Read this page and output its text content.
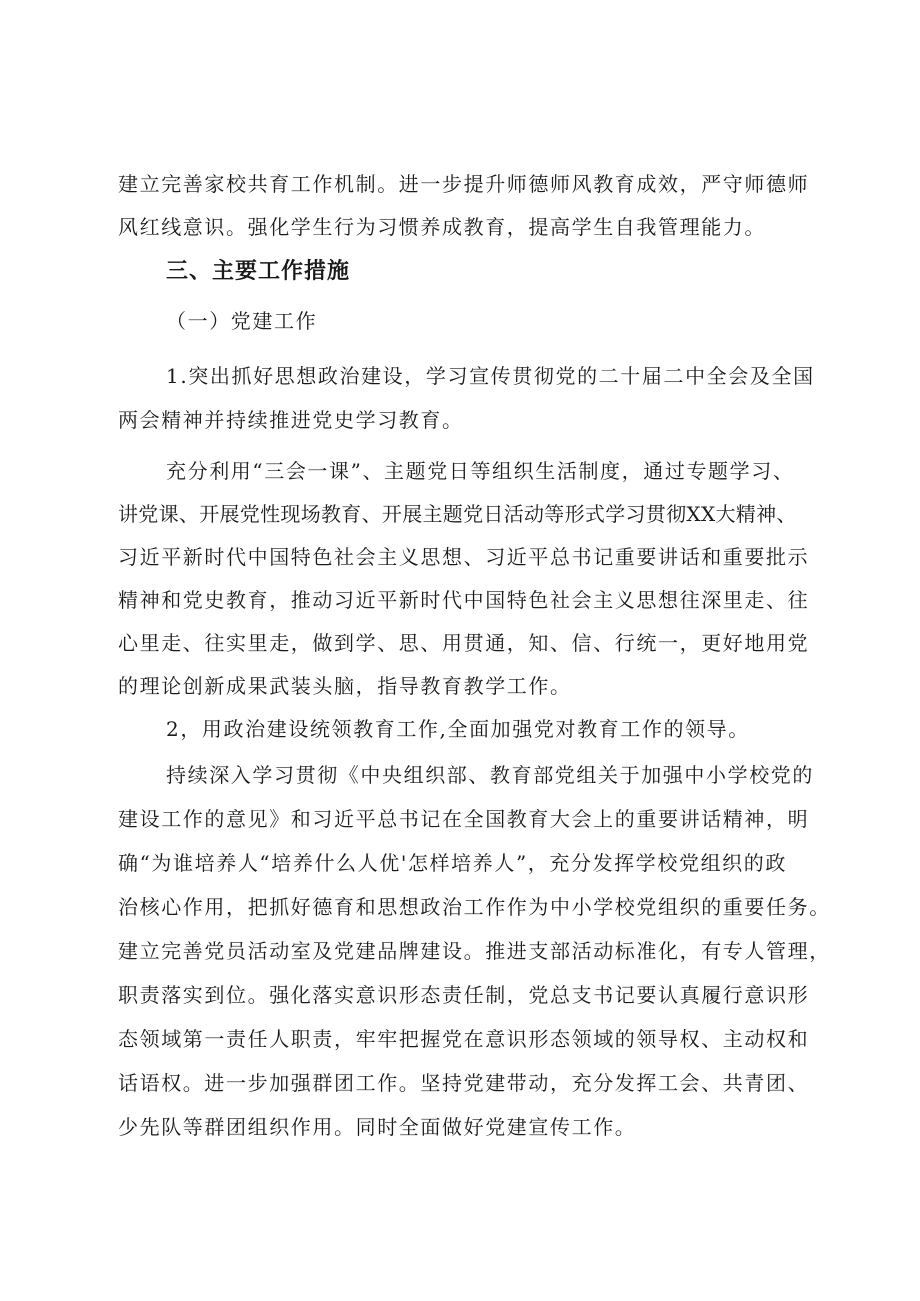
建立完善家校共育工作机制。进一步提升师德师风教育成效，严守师德师
风红线意识。强化学生行为习惯养成教育，提高学生自我管理能力。
三、主要工作措施
（一）党建工作
1.突出抓好思想政治建设，学习宣传贯彻党的二十届二中全会及全国
两会精神并持续推进党史学习教育。
充分利用“三会一课”、主题党日等组织生活制度，通过专题学习、
讲党课、开展党性现场教育、开展主题党日活动等形式学习贯彻XX大精神、
习近平新时代中国特色社会主义思想、习近平总书记重要讲话和重要批示
精神和党史教育，推动习近平新时代中国特色社会主义思想往深里走、往
心里走、往实里走，做到学、思、用贯通，知、信、行统一，更好地用党
的理论创新成果武装头脑，指导教育教学工作。
2，用政治建设统领教育工作,全面加强党对教育工作的领导。
持续深入学习贯彻《中央组织部、教育部党组关于加强中小学校党的
建设工作的意见》和习近平总书记在全国教育大会上的重要讲话精神，明
确“为谁培养人“培养什么人优'怎样培养人”，充分发挥学校党组织的政
治核心作用，把抓好德育和思想政治工作作为中小学校党组织的重要任务。
建立完善党员活动室及党建品牌建设。推进支部活动标准化，有专人管理，
职责落实到位。强化落实意识形态责任制，党总支书记要认真履行意识形
态领域第一责任人职责，牢牢把握党在意识形态领域的领导权、主动权和
话语权。进一步加强群团工作。坚持党建带动，充分发挥工会、共青团、
少先队等群团组织作用。同时全面做好党建宣传工作。
